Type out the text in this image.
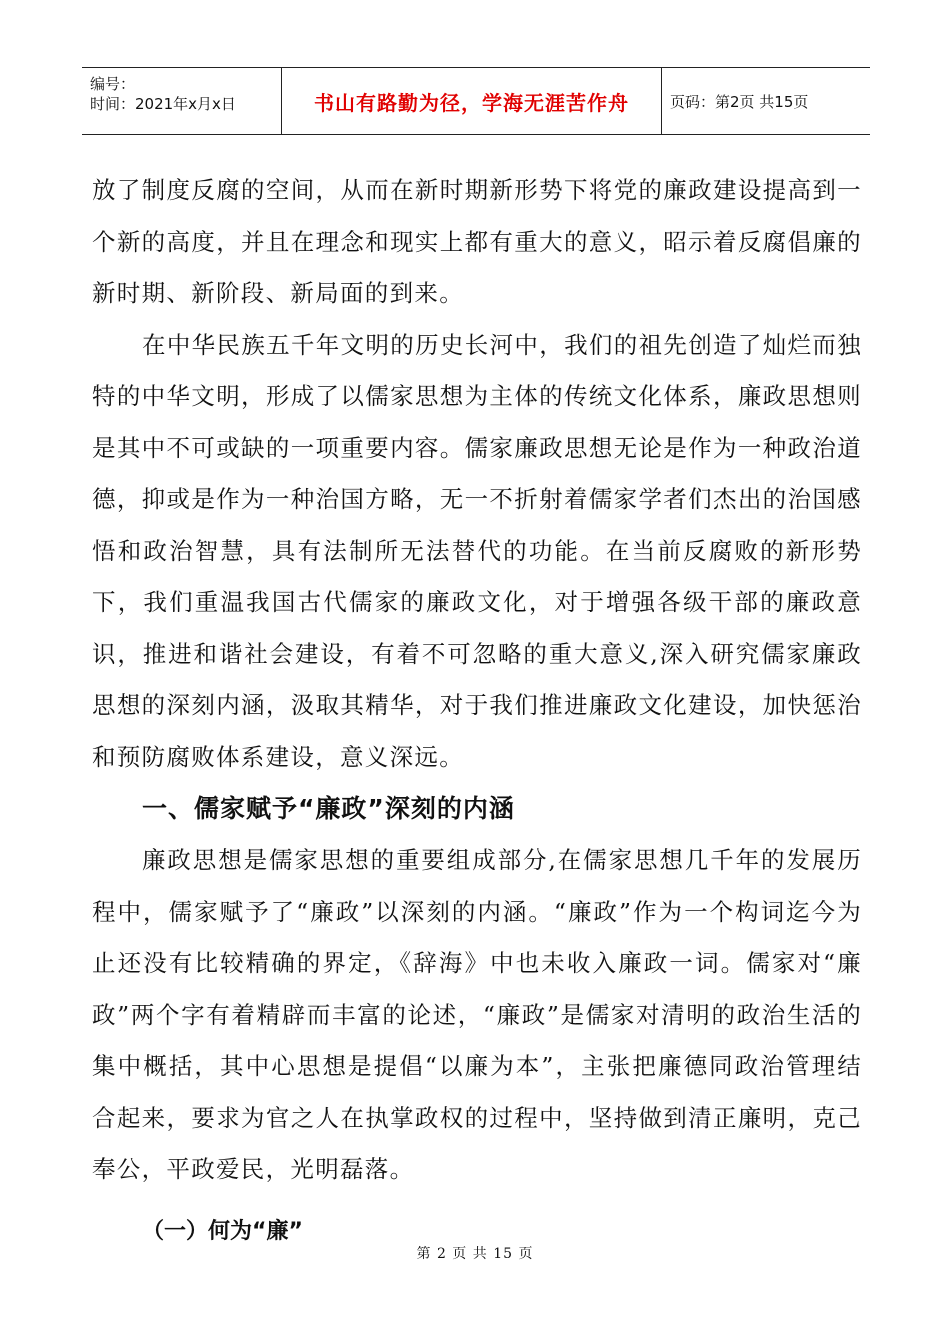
编号：
时间：2021年x月x日	书山有路勤为径，学海无涯苦作舟	页码：第2页 共15页

放了制度反腐的空间，从而在新时期新形势下将党的廉政建设提高到一个新的高度，并且在理念和现实上都有重大的意义，昭示着反腐倡廉的新时期、新阶段、新局面的到来。

在中华民族五千年文明的历史长河中，我们的祖先创造了灿烂而独特的中华文明，形成了以儒家思想为主体的传统文化体系，廉政思想则是其中不可或缺的一项重要内容。儒家廉政思想无论是作为一种政治道德，抑或是作为一种治国方略，无一不折射着儒家学者们杰出的治国感悟和政治智慧，具有法制所无法替代的功能。在当前反腐败的新形势下，我们重温我国古代儒家的廉政文化，对于增强各级干部的廉政意识，推进和谐社会建设，有着不可忽略的重大意义,深入研究儒家廉政思想的深刻内涵，汲取其精华，对于我们推进廉政文化建设，加快惩治和预防腐败体系建设，意义深远。

一、儒家赋予“廉政”深刻的内涵

廉政思想是儒家思想的重要组成部分,在儒家思想几千年的发展历程中，儒家赋予了“廉政”以深刻的内涵。“廉政”作为一个构词迄今为止还没有比较精确的界定，《辞海》中也未收入廉政一词。儒家对“廉政”两个字有着精辟而丰富的论述，“廉政”是儒家对清明的政治生活的集中概括，其中心思想是提倡“以廉为本”，主张把廉德同政治管理结合起来，要求为官之人在执掌政权的过程中，坚持做到清正廉明，克己奉公，平政爱民，光明磊落。

（一）何为“廉”
第 2 页 共 15 页
